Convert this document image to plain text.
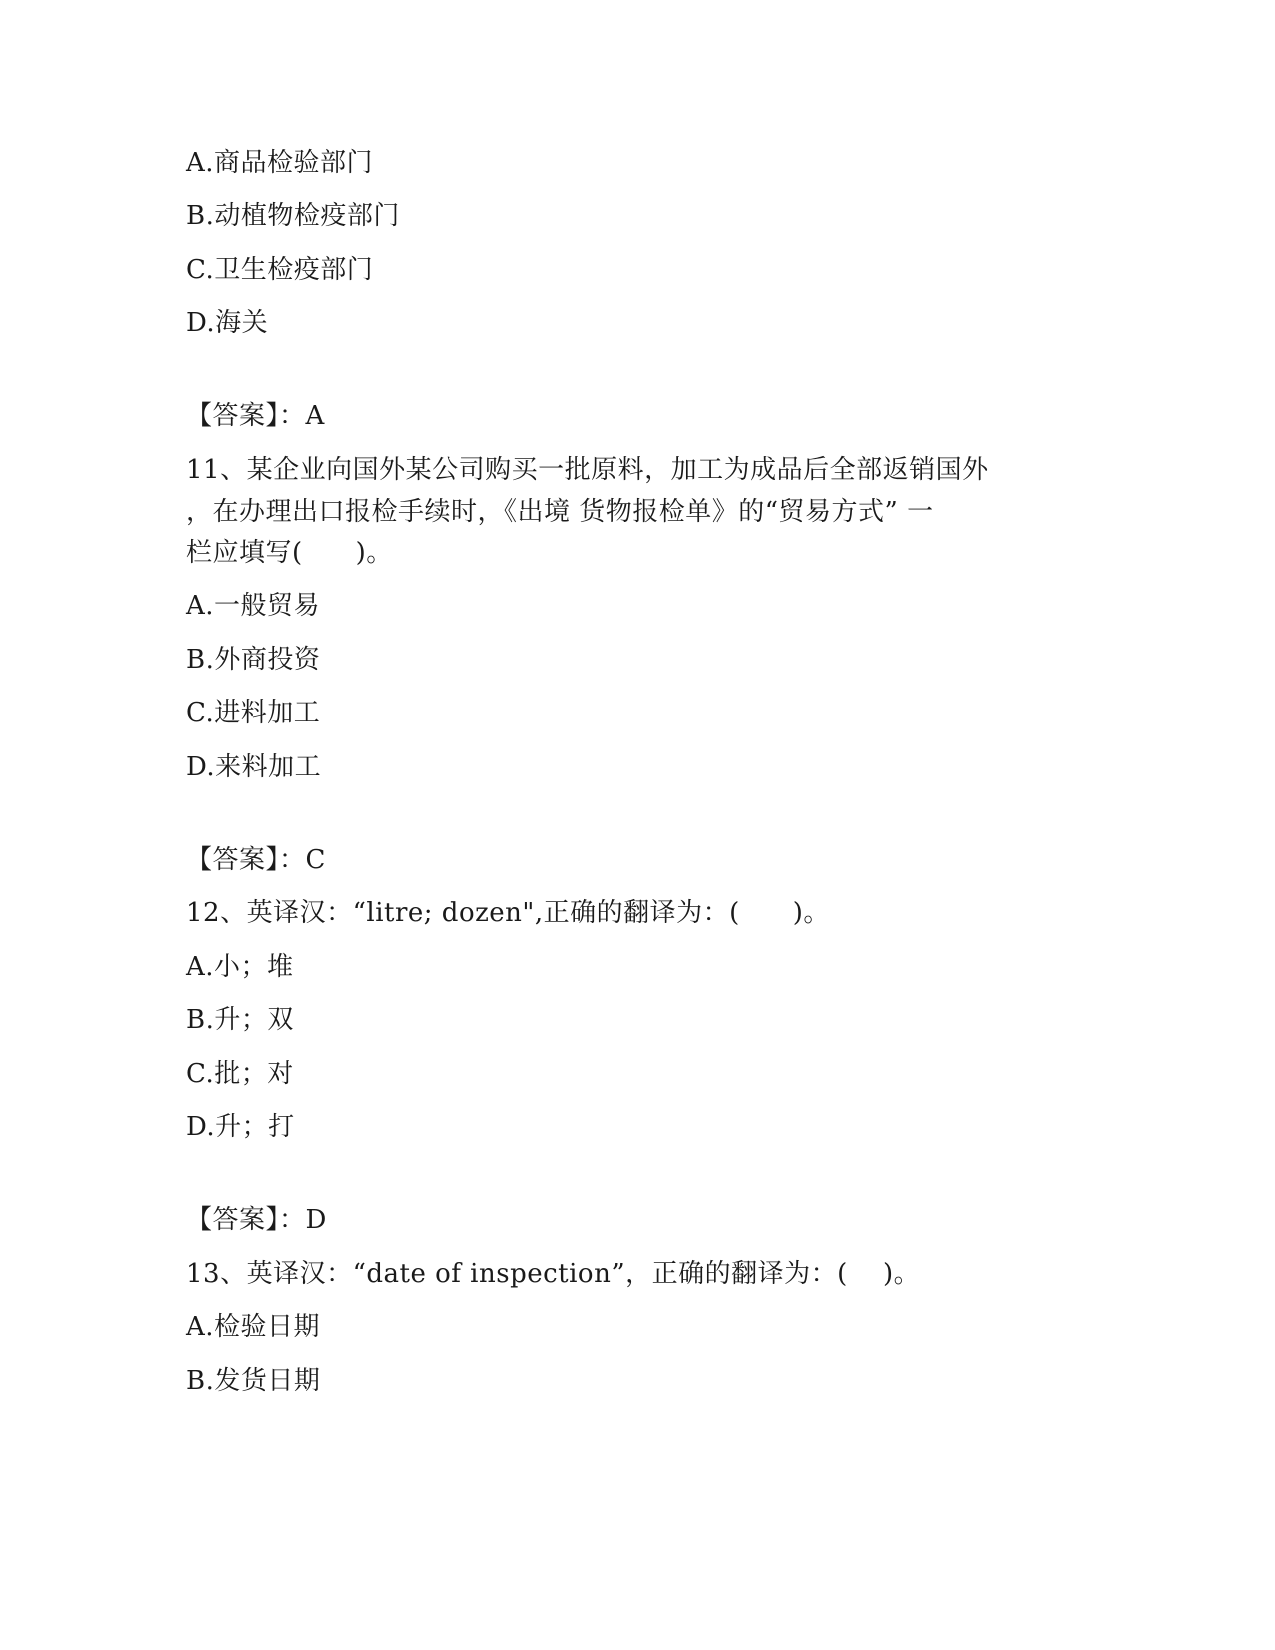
A.商品检验部门
B.动植物检疫部门
C.卫生检疫部门
D.海关
【答案】：A
11、某企业向国外某公司购买一批原料，加工为成品后全部返销国外
，在办理出口报检手续时，《出境 货物报检单》的“贸易方式” 一
栏应填写(　　)。
A.一般贸易
B.外商投资
C.进料加工
D.来料加工
【答案】：C
12、英译汉：“litre; dozen",正确的翻译为：(　　)。
A.小；堆
B.升；双
C.批；对
D.升；打
【答案】：D
13、英译汉：“date of inspection”，正确的翻译为：(　 )。
A.检验日期
B.发货日期
